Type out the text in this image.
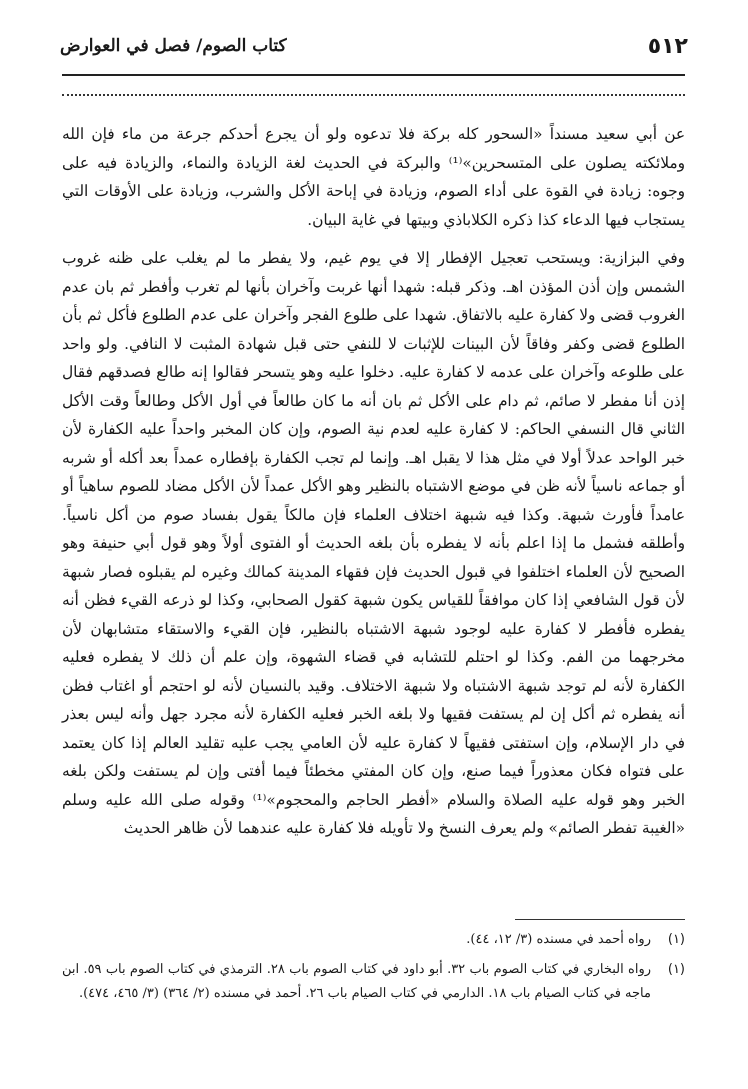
٥١٢
كتاب الصوم/ فصل في العوارض

عن أبي سعيد مسنداً «السحور كله بركة فلا تدعوه ولو أن يجرع أحدكم جرعة من ماء فإن الله وملائكته يصلون على المتسحرين»⁽¹⁾ والبركة في الحديث لغة الزيادة والنماء، والزيادة فيه على وجوه: زيادة في القوة على أداء الصوم، وزيادة في إباحة الأكل والشرب، وزيادة على الأوقات التي يستجاب فيها الدعاء كذا ذكره الكلاباذي وبيتها في غاية البيان.

وفي البزازية: ويستحب تعجيل الإفطار إلا في يوم غيم، ولا يفطر ما لم يغلب على ظنه غروب الشمس وإن أذن المؤذن اهـ. وذكر قبله: شهدا أنها غربت وآخران بأنها لم تغرب وأفطر ثم بان عدم الغروب قضى ولا كفارة عليه بالاتفاق. شهدا على طلوع الفجر وآخران على عدم الطلوع فأكل ثم بأن الطلوع قضى وكفر وفاقاً لأن البينات للإثبات لا للنفي حتى قبل شهادة المثبت لا النافي. ولو واحد على طلوعه وآخران على عدمه لا كفارة عليه. دخلوا عليه وهو يتسحر فقالوا إنه طالع فصدقهم فقال إذن أنا مفطر لا صائم، ثم دام على الأكل ثم بان أنه ما كان طالعاً في أول الأكل وطالعاً وقت الأكل الثاني قال النسفي الحاكم: لا كفارة عليه لعدم نية الصوم، وإن كان المخبر واحداً عليه الكفارة لأن خبر الواحد عدلاً أولا في مثل هذا لا يقبل اهـ. وإنما لم تجب الكفارة بإفطاره عمداً بعد أكله أو شربه أو جماعه ناسياً لأنه ظن في موضع الاشتباه بالنظير وهو الأكل عمداً لأن الأكل مضاد للصوم ساهياً أو عامداً فأورث شبهة. وكذا فيه شبهة اختلاف العلماء فإن مالكاً يقول بفساد صوم من أكل ناسياً. وأطلقه فشمل ما إذا اعلم بأنه لا يفطره بأن بلغه الحديث أو الفتوى أولاً وهو قول أبي حنيفة وهو الصحيح لأن العلماء اختلفوا في قبول الحديث فإن فقهاء المدينة كمالك وغيره لم يقبلوه فصار شبهة لأن قول الشافعي إذا كان موافقاً للقياس يكون شبهة كقول الصحابي، وكذا لو ذرعه القيء فظن أنه يفطره فأفطر لا كفارة عليه لوجود شبهة الاشتباه بالنظير، فإن القيء والاستقاء متشابهان لأن مخرجهما من الفم. وكذا لو احتلم للتشابه في قضاء الشهوة، وإن علم أن ذلك لا يفطره فعليه الكفارة لأنه لم توجد شبهة الاشتباه ولا شبهة الاختلاف. وقيد بالنسيان لأنه لو احتجم أو اغتاب فظن أنه يفطره ثم أكل إن لم يستفت فقيها ولا بلغه الخبر فعليه الكفارة لأنه مجرد جهل وأنه ليس بعذر في دار الإسلام، وإن استفتى فقيهاً لا كفارة عليه لأن العامي يجب عليه تقليد العالم إذا كان يعتمد على فتواه فكان معذوراً فيما صنع، وإن كان المفتي مخطئاً فيما أفتى وإن لم يستفت ولكن بلغه الخبر وهو قوله عليه الصلاة والسلام «أفطر الحاجم والمحجوم»⁽¹⁾ وقوله صلى الله عليه وسلم «الغيبة تفطر الصائم» ولم يعرف النسخ ولا تأويله فلا كفارة عليه عندهما لأن ظاهر الحديث

(١)
رواه أحمد في مسنده (٣/ ١٢، ٤٤).
(١)
رواه البخاري في كتاب الصوم باب ٣٢. أبو داود في كتاب الصوم باب ٢٨. الترمذي في كتاب الصوم باب ٥٩. ابن ماجه في كتاب الصيام باب ١٨. الدارمي في كتاب الصيام باب ٢٦. أحمد في مسنده (٢/ ٣٦٤) (٣/ ٤٦٥، ٤٧٤).
